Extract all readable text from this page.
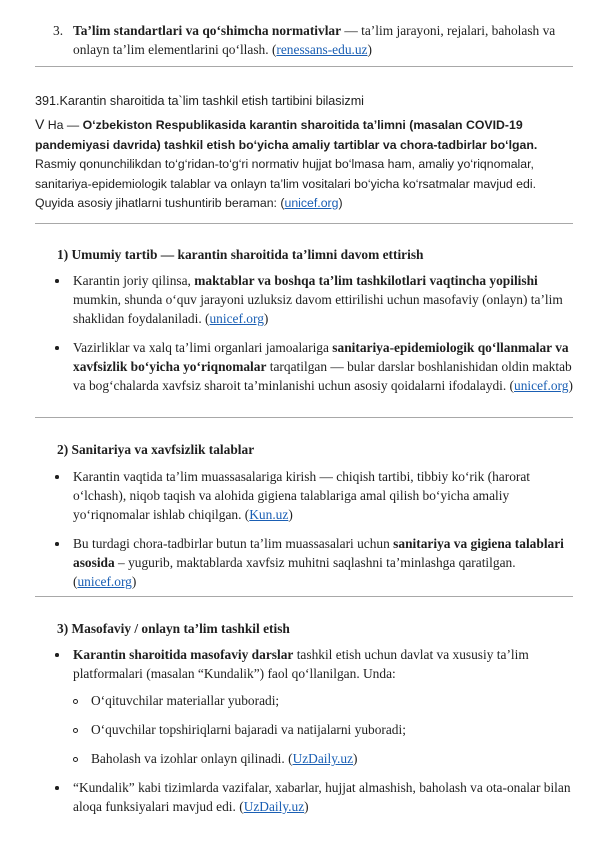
3. Ta’lim standartlari va qo‘shimcha normativlar — ta’lim jarayoni, rejalari, baholash va onlayn ta’lim elementlarini qo‘llash. (renessans-edu.uz)
391.Karantin sharoitida ta`lim tashkil etish tartibini bilasizmi
V Ha — O‘zbekiston Respublikasida karantin sharoitida ta’limni (masalan COVID-19 pandemiyasi davrida) tashkil etish bo‘yicha amaliy tartiblar va chora-tadbirlar bo‘lgan. Rasmiy qonunchilikdan to‘g‘ridan-to‘g‘ri normativ hujjat bo‘lmasa ham, amaliy yo‘riqnomalar, sanitariya-epidemiologik talablar va onlayn ta’lim vositalari bo‘yicha ko‘rsatmalar mavjud edi. Quyida asosiy jihatlarni tushuntirib beraman: (unicef.org)
1) Umumiy tartib — karantin sharoitida ta’limni davom ettirish
Karantin joriy qilinsa, maktablar va boshqa ta’lim tashkilotlari vaqtincha yopilishi mumkin, shunda o‘quv jarayoni uzluksiz davom ettirilishi uchun masofaviy (onlayn) ta’lim shaklidan foydalaniladi. (unicef.org)
Vazirliklar va xalq ta’limi organlari jamoalariga sanitariya-epidemiologik qo‘llanmalar va xavfsizlik bo‘yicha yo‘riqnomalar tarqatilgan — bular darslar boshlanishidan oldin maktab va bog‘chalarda xavfsiz sharoit ta’minlanishi uchun asosiy qoidalarni ifodalaydi. (unicef.org)
2) Sanitariya va xavfsizlik talablar
Karantin vaqtida ta’lim muassasalariga kirish — chiqish tartibi, tibbiy ko‘rik (harorat o‘lchash), niqob taqish va alohida gigiena talablariga amal qilish bo‘yicha amaliy yo‘riqnomalar ishlab chiqilgan. (Kun.uz)
Bu turdagi chora-tadbirlar butun ta’lim muassasalari uchun sanitariya va gigiena talablari asosida – yugurib, maktablarda xavfsiz muhitni saqlashni ta’minlashga qaratilgan. (unicef.org)
3) Masofaviy / onlayn ta’lim tashkil etish
Karantin sharoitida masofaviy darslar tashkil etish uchun davlat va xususiy ta’lim platformalari (masalan “Kundalik”) faol qo‘llanilgan. Unda:
O‘qituvchilar materiallar yuboradi;
O‘quvchilar topshiriqlarni bajaradi va natijalarni yuboradi;
Baholash va izohlar onlayn qilinadi. (UzDaily.uz)
“Kundalik” kabi tizimlarda vazifalar, xabarlar, hujjat almashish, baholash va ota-onalar bilan aloqa funksiyalari mavjud edi. (UzDaily.uz)
